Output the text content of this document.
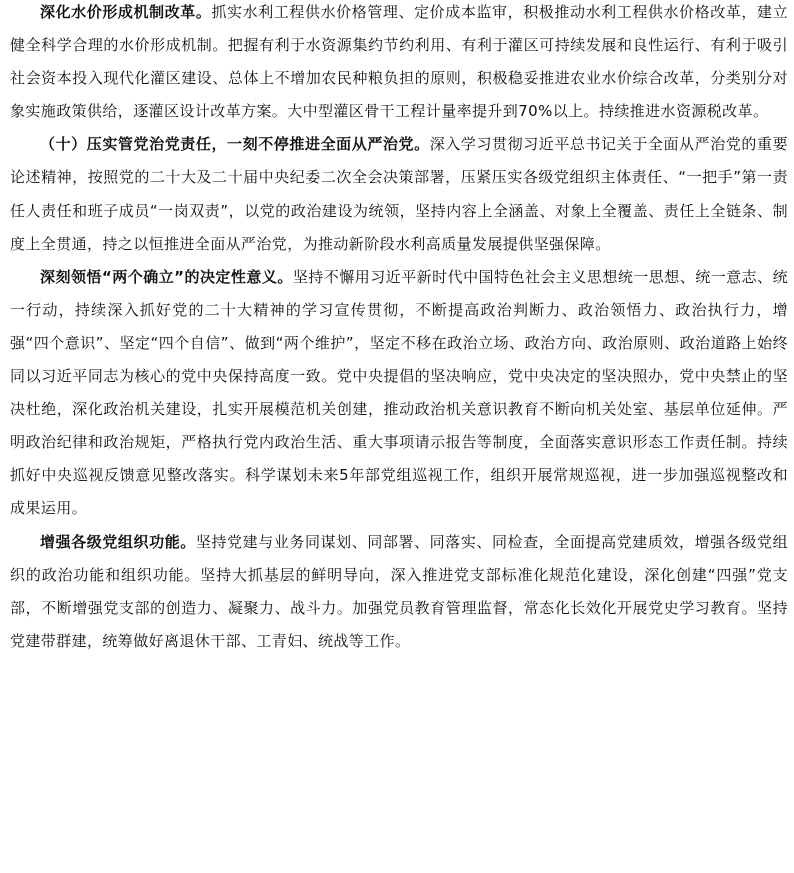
深化水价形成机制改革。抓实水利工程供水价格管理、定价成本监审，积极推动水利工程供水价格改革，建立健全科学合理的水价形成机制。把握有利于水资源集约节约利用、有利于灌区可持续发展和良性运行、有利于吸引社会资本投入现代化灌区建设、总体上不增加农民种粮负担的原则，积极稳妥推进农业水价综合改革，分类别分对象实施政策供给，逐灌区设计改革方案。大中型灌区骨干工程计量率提升到70%以上。持续推进水资源税改革。

（十）压实管党治党责任，一刻不停推进全面从严治党。深入学习贯彻习近平总书记关于全面从严治党的重要论述精神，按照党的二十大及二十届中央纪委二次全会决策部署，压紧压实各级党组织主体责任、“一把手”第一责任人责任和班子成员“一岗双责”，以党的政治建设为统领，坚持内容上全涵盖、对象上全覆盖、责任上全链条、制度上全贯通，持之以恒推进全面从严治党，为推动新阶段水利高质量发展提供坚强保障。

深刻领悟“两个确立”的决定性意义。坚持不懈用习近平新时代中国特色社会主义思想统一思想、统一意志、统一行动，持续深入抓好党的二十大精神的学习宣传贯彻，不断提高政治判断力、政治领悟力、政治执行力，增强“四个意识”、坚定“四个自信”、做到“两个维护”，坚定不移在政治立场、政治方向、政治原则、政治道路上始终同以习近平同志为核心的党中央保持高度一致。党中央提倡的坚决响应，党中央决定的坚决照办，党中央禁止的坚决杜绝，深化政治机关建设，扎实开展模范机关创建，推动政治机关意识教育不断向机关处室、基层单位延伸。严明政治纪律和政治规矩，严格执行党内政治生活、重大事项请示报告等制度，全面落实意识形态工作责任制。持续抓好中央巡视反馈意见整改落实。科学谋划未来5年部党组巡视工作，组织开展常规巡视，进一步加强巡视整改和成果运用。

增强各级党组织功能。坚持党建与业务同谋划、同部署、同落实、同检查，全面提高党建质效，增强各级党组织的政治功能和组织功能。坚持大抓基层的鲜明导向，深入推进党支部标准化规范化建设，深化创建“四强”党支部，不断增强党支部的创造力、凝聚力、战斗力。加强党员教育管理监督，常态化长效化开展党史学习教育。坚持党建带群建，统筹做好离退休干部、工青妇、统战等工作。
